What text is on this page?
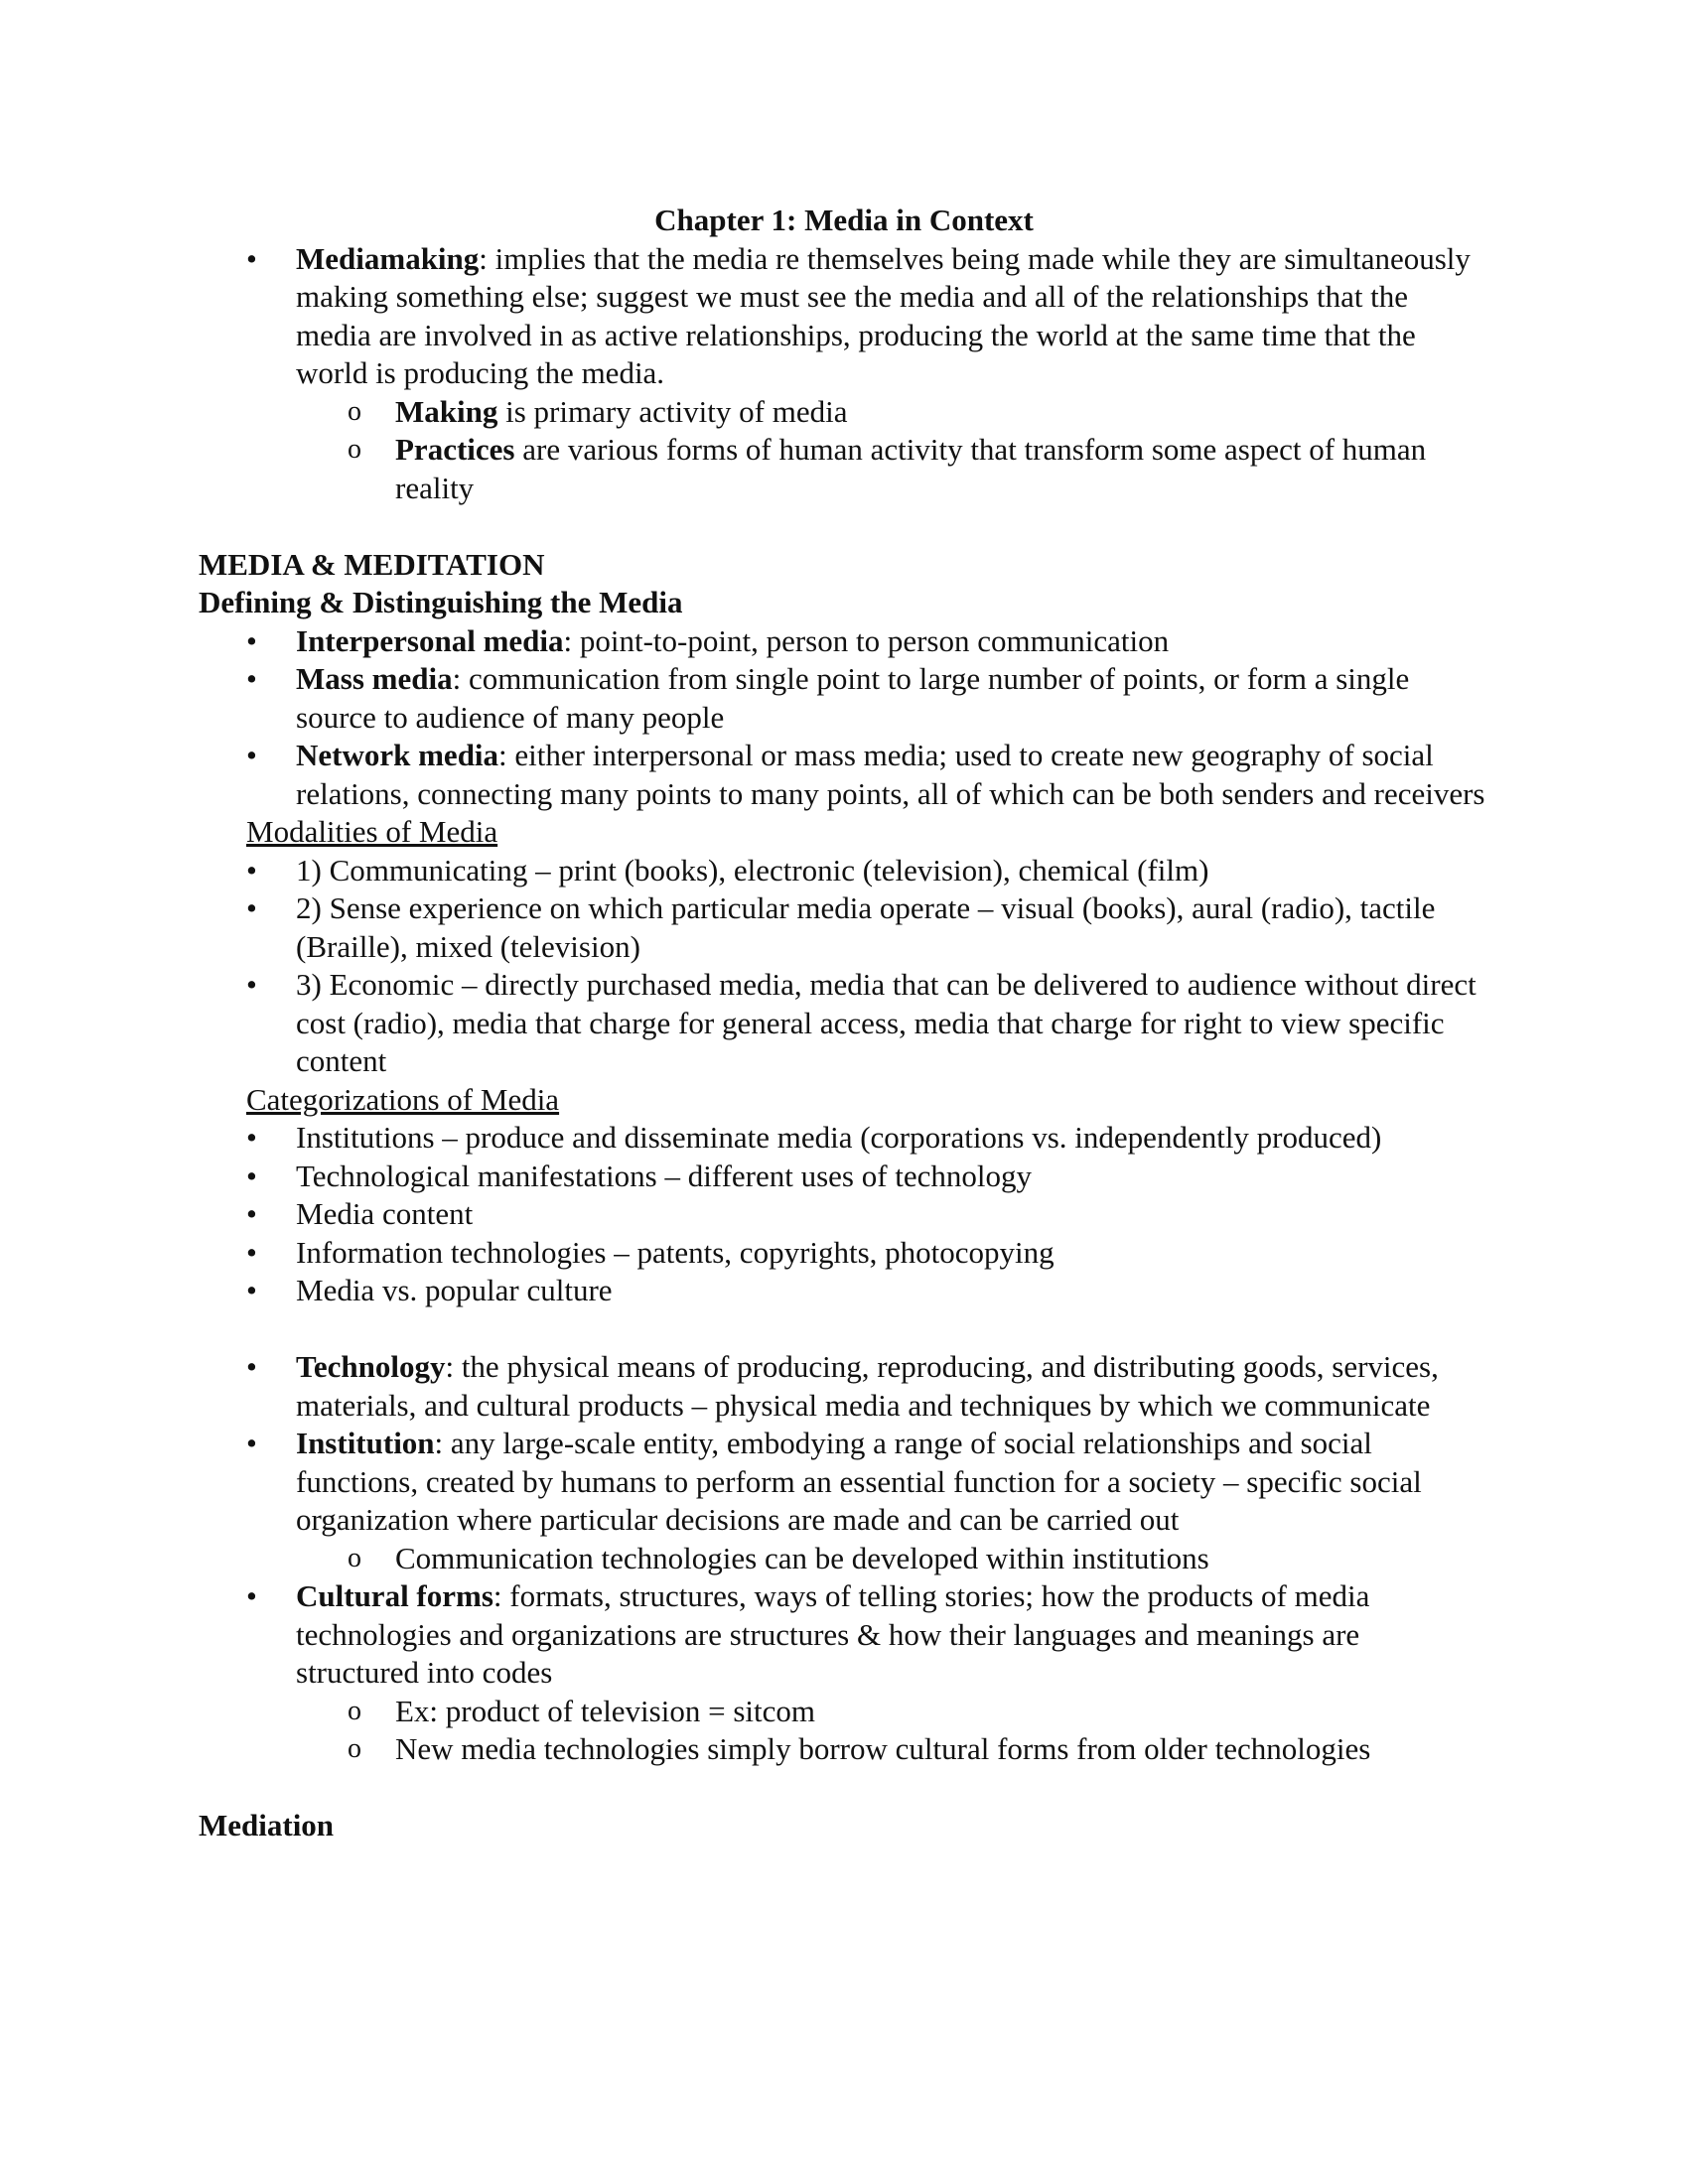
Chapter 1: Media in Context
• Mediamaking: implies that the media re themselves being made while they are simultaneously making something else; suggest we must see the media and all of the relationships that the media are involved in as active relationships, producing the world at the same time that the world is producing the media.
o Making is primary activity of media
o Practices are various forms of human activity that transform some aspect of human reality
MEDIA & MEDITATION
Defining & Distinguishing the Media
• Interpersonal media: point-to-point, person to person communication
• Mass media: communication from single point to large number of points, or form a single source to audience of many people
• Network media: either interpersonal or mass media; used to create new geography of social relations, connecting many points to many points, all of which can be both senders and receivers
Modalities of Media
• 1) Communicating – print (books), electronic (television), chemical (film)
• 2) Sense experience on which particular media operate – visual (books), aural (radio), tactile (Braille), mixed (television)
• 3) Economic – directly purchased media, media that can be delivered to audience without direct cost (radio), media that charge for general access, media that charge for right to view specific content
Categorizations of Media
• Institutions – produce and disseminate media (corporations vs. independently produced)
• Technological manifestations – different uses of technology
• Media content
• Information technologies – patents, copyrights, photocopying
• Media vs. popular culture
• Technology: the physical means of producing, reproducing, and distributing goods, services, materials, and cultural products – physical media and techniques by which we communicate
• Institution: any large-scale entity, embodying a range of social relationships and social functions, created by humans to perform an essential function for a society – specific social organization where particular decisions are made and can be carried out
o Communication technologies can be developed within institutions
• Cultural forms: formats, structures, ways of telling stories; how the products of media technologies and organizations are structures & how their languages and meanings are structured into codes
o Ex: product of television = sitcom
o New media technologies simply borrow cultural forms from older technologies
Mediation
